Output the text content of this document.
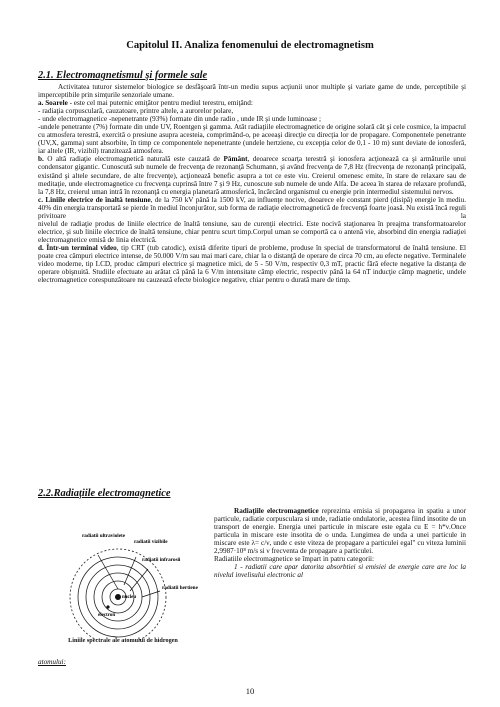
Capitolul II. Analiza fenomenului de electromagnetism
2.1. Electromagnetismul şi formele sale

Activitatea tuturor sistemelor biologice se desfăşoară într-un mediu supus acţiunii unor multiple şi variate game de unde, perceptibile şi imperceptibile prin simţurile senzoriale umane.

a. Soarele - este cel mai puternic emiţător pentru mediul terestru, emiţând:

- radiaţia corpusculară, cauzatoare, printre altele, a aurorelor polare,

- unde electromagnetice -nepenetrante (93%) formate din unde radio , unde IR şi unde luminoase ;

-undele penetrante (7%) formate din unde UV, Roentgen şi gamma. Atât radiaţiile electromagnetice de origine solară cât şi cele cosmice, la impactul cu atmosfera terestră, exercită o presiune asupra acesteia, comprimând-o, pe aceeaşi direcţie cu direcţia lor de propagare. Componentele penetrante (UV,X, gamma) sunt absorbite, în timp ce componentele nepenetrante (undele hertziene, cu excepţia celor de 0,1 - 10 m) sunt deviate de ionosferă, iar altele (IR, vizibil) tranzitează atmosfera.

b. O altă radiaţie electromagnetică naturală este cauzată de Pământ, deoarece scoarţa terestră şi ionosfera acţionează ca şi armăturile unui condensator gigantic. Cunoscută sub numele de frecvenţa de rezonanţă Schumann, şi având frecvenţa de 7,8 Hz (frecvenţa de rezonanţă principală, existând şi altele secundare, de alte frecvenţe), acţionează benefic asupra a tot ce este viu. Creierul omenesc emite, în stare de relaxare sau de meditaţie, unde electromagnetice cu frecvenţa cuprinsă între 7 şi 9 Hz, cunoscute sub numele de unde Alfa. De aceea în starea de relaxare profundă, la 7,8 Hz, creierul uman intră în rezonanţă cu energia planetară atmosferică, încărcând organismul cu energie prin intermediul sistemului nervos.

c. Liniile electrice de înaltă tensiune, de la 750 kV până la 1500 kV, au influenţe nocive, deoarece ele constant pierd (disipă) energie în mediu. 40% din energia transportată se pierde în mediul înconjurător, sub forma de radiaţie electromagnetică de frecvenţă foarte joasă. Nu există încă reguli privitoare	la

nivelul de radiaţie produs de liniile electrice de înaltă tensiune, sau de curenţii electrici. Este nocivă staţionarea în preajma transformatoarelor electrice, şi sub liniile electrice de înaltă tensiune, chiar pentru scurt timp.Corpul uman se comportă ca o antenă vie, absorbind din energia radiaţiei electromagnetice emisă de linia electrică.

d. Într-un terminal video, tip CRT (tub catodic), există diferite tipuri de probleme, produse în special de transformatorul de înaltă tensiune. El poate crea câmpuri electrice intense, de 50.000 V/m sau mai mari care, chiar la o distanţă de operare de circa 70 cm, au efecte negative. Terminalele video moderne, tip LCD, produc câmpuri electrice şi magnetice mici, de 5 - 50 V/m, respectiv 0,3 mT, practic fără efecte negative la distanţa de operare obişnuită. Studiile efectuate au arătat că până la 6 V/m intensitate câmp electric, respectiv până la 64 nT inducţie câmp magnetic, undele electromagnetice corespunzătoare nu cauzează efecte biologice negative, chiar pentru o durată mare de timp.

2.2.Radiaţiile electromagnetice
radiatii ultraviolete
radiatii vizibile
radiatii infrarosii
radiatii hertiene
nucleu
electron
Liniile spectrale ale atomului de hidrogen

Radiaţiile electromagnetice reprezinta emisia si propagarea in spatiu a unor particule, radiatie corpusculara si unde, radiatie ondulatorie, acestea fiind insotite de un transport de energie. Energia unei particule in miscare este egala cu E = h*ν.Once particula in miscare este insotita de o unda. Lungimea de unda a unei particule in miscare este λ= c/ν, unde c este viteza de propagare a particulei egal" cu viteza luminii 2,9987·10⁸ m/s si ν frecventa de propagare a particulei.

Radiatiile electromagnetice se împart in patru categorii:

1 - radiatii care apar datorita absorbtiei si emisiei de energie care are loc la nivelul invelisului electronic al

atomului:
10
